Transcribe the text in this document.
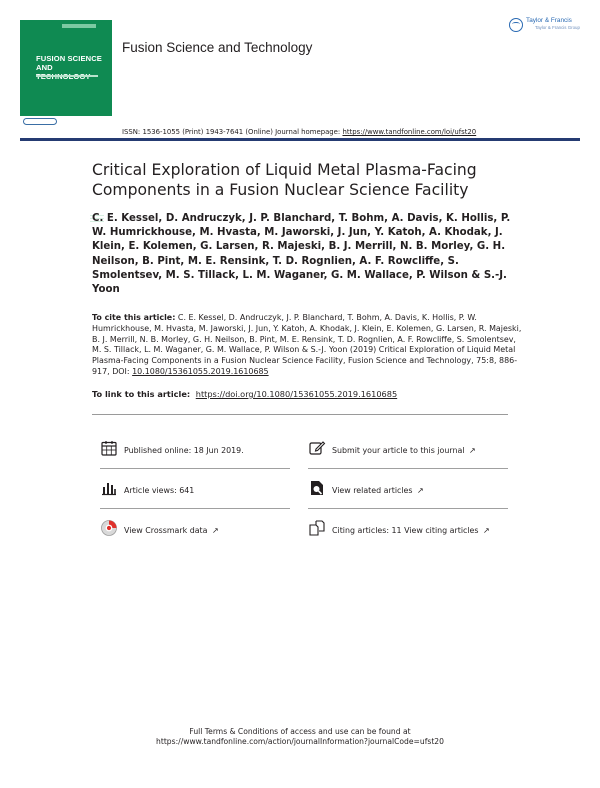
FUSION SCIENCE AND
Fusion Science and Technology
Taylor & Francis
Taylor & Francis Group
ISSN: 1536-1055 (Print) 1943-7641 (Online) Journal homepage: https://www.tandfonline.com/loi/ufst20
Critical Exploration of Liquid Metal Plasma-Facing Components in a Fusion Nuclear Science Facility
C. E. Kessel, D. Andruczyk, J. P. Blanchard, T. Bohm, A. Davis, K. Hollis, P. W. Humrickhouse, M. Hvasta, M. Jaworski, J. Jun, Y. Katoh, A. Khodak, J. Klein, E. Kolemen, G. Larsen, R. Majeski, B. J. Merrill, N. B. Morley, G. H. Neilson, B. Pint, M. E. Rensink, T. D. Rognlien, A. F. Rowcliffe, S. Smolentsev, M. S. Tillack, L. M. Waganer, G. M. Wallace, P. Wilson & S.-J. Yoon
To cite this article: C. E. Kessel, D. Andruczyk, J. P. Blanchard, T. Bohm, A. Davis, K. Hollis, P. W. Humrickhouse, M. Hvasta, M. Jaworski, J. Jun, Y. Katoh, A. Khodak, J. Klein, E. Kolemen, G. Larsen, R. Majeski, B. J. Merrill, N. B. Morley, G. H. Neilson, B. Pint, M. E. Rensink, T. D. Rognlien, A. F. Rowcliffe, S. Smolentsev, M. S. Tillack, L. M. Waganer, G. M. Wallace, P. Wilson & S.-J. Yoon (2019) Critical Exploration of Liquid Metal Plasma-Facing Components in a Fusion Nuclear Science Facility, Fusion Science and Technology, 75:8, 886-917, DOI: 10.1080/15361055.2019.1610685
To link to this article: https://doi.org/10.1080/15361055.2019.1610685
Published online: 18 Jun 2019.	Submit your article to this journal ↗
Article views: 641	View related articles ↗
View Crossmark data ↗	Citing articles: 11 View citing articles ↗
Full Terms & Conditions of access and use can be found at
https://www.tandfonline.com/action/journalInformation?journalCode=ufst20
